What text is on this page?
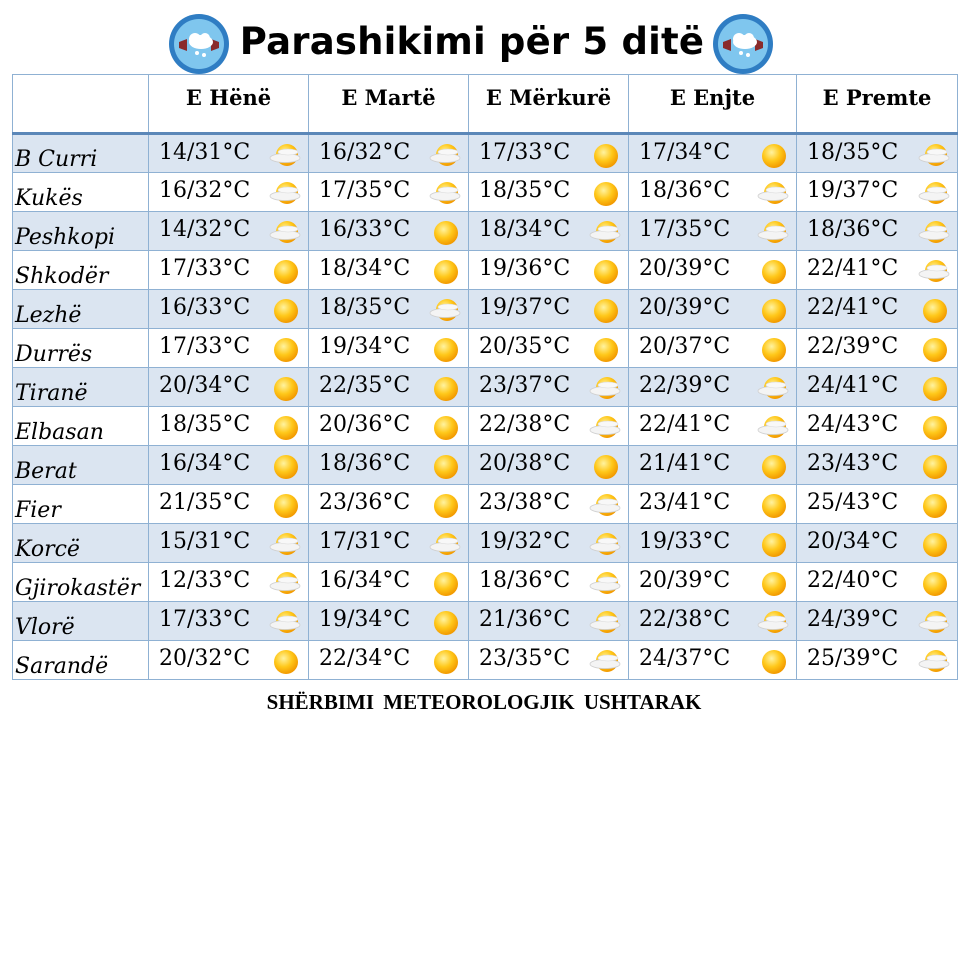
Parashikimi për 5 ditë
	E Hënë	E Martë	E Mërkurë	E Enjte	E Premte
B Curri	14/31°C	16/32°C	17/33°C	17/34°C	18/35°C

Kukës	16/32°C	17/35°C	18/35°C	18/36°C	19/37°C

Peshkopi	14/32°C	16/33°C	18/34°C	17/35°C	18/36°C

Shkodër	17/33°C	18/34°C	19/36°C	20/39°C	22/41°C

Lezhë	16/33°C	18/35°C	19/37°C	20/39°C	22/41°C

Durrës	17/33°C	19/34°C	20/35°C	20/37°C	22/39°C

Tiranë	20/34°C	22/35°C	23/37°C	22/39°C	24/41°C

Elbasan	18/35°C	20/36°C	22/38°C	22/41°C	24/43°C

Berat	16/34°C	18/36°C	20/38°C	21/41°C	23/43°C

Fier	21/35°C	23/36°C	23/38°C	23/41°C	25/43°C

Korcë	15/31°C	17/31°C	19/32°C	19/33°C	20/34°C

Gjirokastër	12/33°C	16/34°C	18/36°C	20/39°C	22/40°C

Vlorë	17/33°C	19/34°C	21/36°C	22/38°C	24/39°C

Sarandë	20/32°C	22/34°C	23/35°C	24/37°C	25/39°C
SHËRBIMI METEOROLOGJIK USHTARAK
